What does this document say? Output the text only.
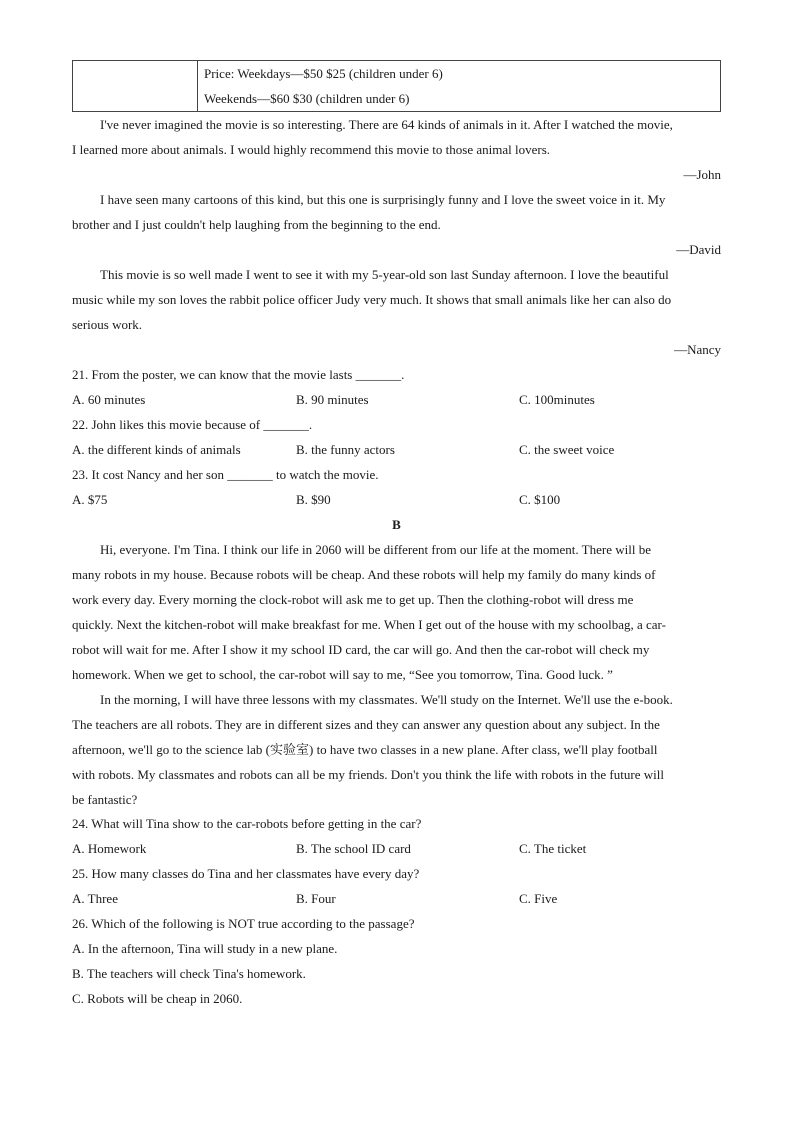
Price: Weekdays—$50 $25 (children under 6)
Weekends—$60 $30 (children under 6)
I've never imagined the movie is so interesting. There are 64 kinds of animals in it. After I watched the movie,
I learned more about animals. I would highly recommend this movie to those animal lovers.
—John
I have seen many cartoons of this kind, but this one is surprisingly funny and I love the sweet voice in it. My
brother and I just couldn't help laughing from the beginning to the end.
—David
This movie is so well made I went to see it with my 5-year-old son last Sunday afternoon. I love the beautiful
music while my son loves the rabbit police officer Judy very much. It shows that small animals like her can also do
serious work.
—Nancy
21. From the poster, we can know that the movie lasts _______.
A. 60 minutes	B. 90 minutes	C. 100minutes
22. John likes this movie because of _______.
A. the different kinds of animals	B. the funny actors	C. the sweet voice
23. It cost Nancy and her son _______ to watch the movie.
A. $75	B. $90	C. $100
B
Hi, everyone. I'm Tina. I think our life in 2060 will be different from our life at the moment. There will be
many robots in my house. Because robots will be cheap. And these robots will help my family do many kinds of
work every day. Every morning the clock-robot will ask me to get up. Then the clothing-robot will dress me
quickly. Next the kitchen-robot will make breakfast for me. When I get out of the house with my schoolbag, a car-
robot will wait for me. After I show it my school ID card, the car will go. And then the car-robot will check my
homework. When we get to school, the car-robot will say to me, “See you tomorrow, Tina. Good luck. ”
In the morning, I will have three lessons with my classmates. We'll study on the Internet. We'll use the e-book.
The teachers are all robots. They are in different sizes and they can answer any question about any subject. In the
afternoon, we'll go to the science lab (实验室) to have two classes in a new plane. After class, we'll play football
with robots. My classmates and robots can all be my friends. Don't you think the life with robots in the future will
be fantastic?
24. What will Tina show to the car-robots before getting in the car?
A. Homework	B. The school ID card	C. The ticket
25. How many classes do Tina and her classmates have every day?
A. Three	B. Four	C. Five
26. Which of the following is NOT true according to the passage?
A. In the afternoon, Tina will study in a new plane.
B. The teachers will check Tina's homework.
C. Robots will be cheap in 2060.
